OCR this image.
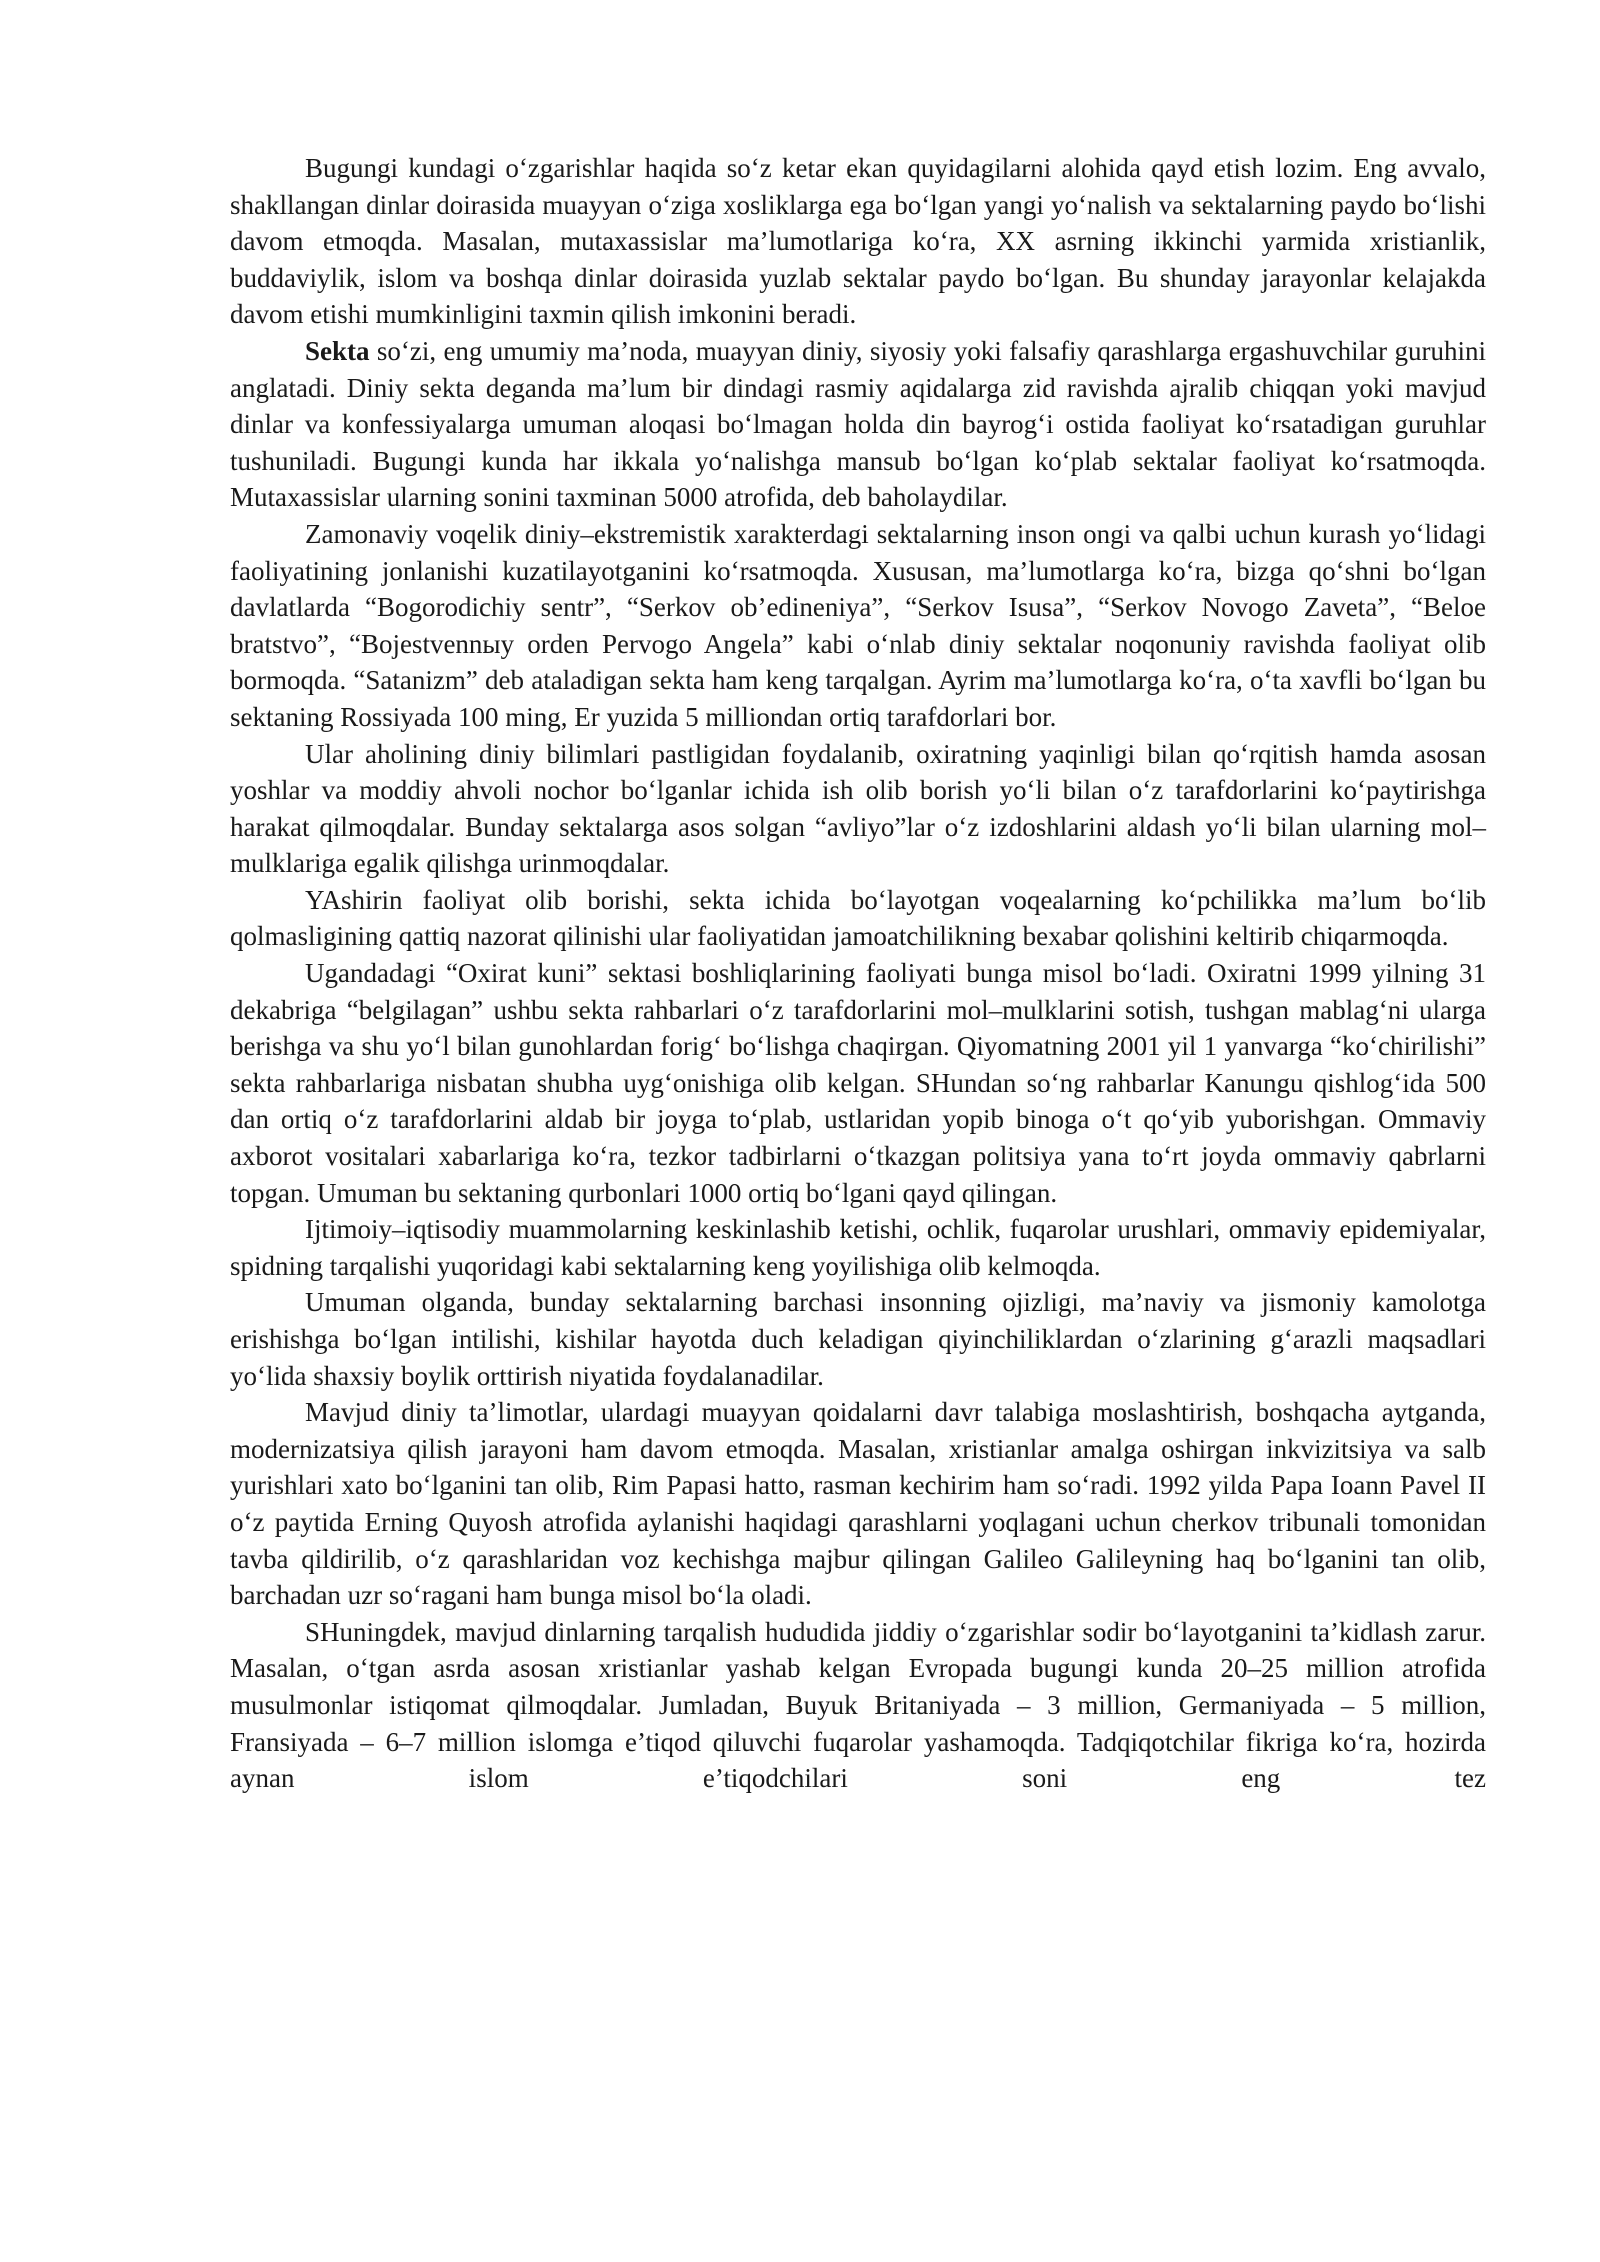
Bugungi kundagi o‘zgarishlar haqida so‘z ketar ekan quyidagilarni alohida qayd etish lozim. Eng avvalo, shakllangan dinlar doirasida muayyan o‘ziga xosliklarga ega bo‘lgan yangi yo‘nalish va sektalarning paydo bo‘lishi davom etmoqda. Masalan, mutaxassislar ma’lumotlariga ko‘ra, XX asrning ikkinchi yarmida xristianlik, buddaviylik, islom va boshqa dinlar doirasida yuzlab sektalar paydo bo‘lgan. Bu shunday jarayonlar kelajakda davom etishi mumkinligini taxmin qilish imkonini beradi.

Sekta so‘zi, eng umumiy ma’noda, muayyan diniy, siyosiy yoki falsafiy qarashlarga ergashuvchilar guruhini anglatadi. Diniy sekta deganda ma’lum bir dindagi rasmiy aqidalarga zid ravishda ajralib chiqqan yoki mavjud dinlar va konfessiyalarga umuman aloqasi bo‘lmagan holda din bayrog‘i ostida faoliyat ko‘rsatadigan guruhlar tushuniladi. Bugungi kunda har ikkala yo‘nalishga mansub bo‘lgan ko‘plab sektalar faoliyat ko‘rsatmoqda. Mutaxassislar ularning sonini taxminan 5000 atrofida, deb baholaydilar.

Zamonaviy voqelik diniy–ekstremistik xarakterdagi sektalarning inson ongi va qalbi uchun kurash yo‘lidagi faoliyatining jonlanishi kuzatilayotganini ko‘rsatmoqda. Xususan, ma’lumotlarga ko‘ra, bizga qo‘shni bo‘lgan davlatlarda “Bogorodichiy sentr”, “Serkov ob’edineniya”, “Serkov Isusa”, “Serkov Novogo Zaveta”, “Beloe bratstvo”, “Bojestvennыy orden Pervogo Angela” kabi o‘nlab diniy sektalar noqonuniy ravishda faoliyat olib bormoqda. “Satanizm” deb ataladigan sekta ham keng tarqalgan. Ayrim ma’lumotlarga ko‘ra, o‘ta xavfli bo‘lgan bu sektaning Rossiyada 100 ming, Er yuzida 5 milliondan ortiq tarafdorlari bor.

Ular aholining diniy bilimlari pastligidan foydalanib, oxiratning yaqinligi bilan qo‘rqitish hamda asosan yoshlar va moddiy ahvoli nochor bo‘lganlar ichida ish olib borish yo‘li bilan o‘z tarafdorlarini ko‘paytirishga harakat qilmoqdalar. Bunday sektalarga asos solgan “avliyo”lar o‘z izdoshlarini aldash yo‘li bilan ularning mol–mulklariga egalik qilishga urinmoqdalar.

YAshirin faoliyat olib borishi, sekta ichida bo‘layotgan voqealarning ko‘pchilikka ma’lum bo‘lib qolmasligining qattiq nazorat qilinishi ular faoliyatidan jamoatchilikning bexabar qolishini keltirib chiqarmoqda.

Ugandadagi “Oxirat kuni” sektasi boshliqlarining faoliyati bunga misol bo‘ladi. Oxiratni 1999 yilning 31 dekabriga “belgilagan” ushbu sekta rahbarlari o‘z tarafdorlarini mol–mulklarini sotish, tushgan mablag‘ni ularga berishga va shu yo‘l bilan gunohlardan forig‘ bo‘lishga chaqirgan. Qiyomatning 2001 yil 1 yanvarga “ko‘chirilishi” sekta rahbarlariga nisbatan shubha uyg‘onishiga olib kelgan. SHundan so‘ng rahbarlar Kanungu qishlog‘ida 500 dan ortiq o‘z tarafdorlarini aldab bir joyga to‘plab, ustlaridan yopib binoga o‘t qo‘yib yuborishgan. Ommaviy axborot vositalari xabarlariga ko‘ra, tezkor tadbirlarni o‘tkazgan politsiya yana to‘rt joyda ommaviy qabrlarni topgan. Umuman bu sektaning qurbonlari 1000 ortiq bo‘lgani qayd qilingan.

Ijtimoiy–iqtisodiy muammolarning keskinlashib ketishi, ochlik, fuqarolar urushlari, ommaviy epidemiyalar, spidning tarqalishi yuqoridagi kabi sektalarning keng yoyilishiga olib kelmoqda.

Umuman olganda, bunday sektalarning barchasi insonning ojizligi, ma’naviy va jismoniy kamolotga erishishga bo‘lgan intilishi, kishilar hayotda duch keladigan qiyinchiliklardan o‘zlarining g‘arazli maqsadlari yo‘lida shaxsiy boylik orttirish niyatida foydalanadilar.

Mavjud diniy ta’limotlar, ulardagi muayyan qoidalarni davr talabiga moslashtirish, boshqacha aytganda, modernizatsiya qilish jarayoni ham davom etmoqda. Masalan, xristianlar amalga oshirgan inkvizitsiya va salb yurishlari xato bo‘lganini tan olib, Rim Papasi hatto, rasman kechirim ham so‘radi. 1992 yilda Papa Ioann Pavel II o‘z paytida Erning Quyosh atrofida aylanishi haqidagi qarashlarni yoqlagani uchun cherkov tribunali tomonidan tavba qildirilib, o‘z qarashlaridan voz kechishga majbur qilingan Galileo Galileyning haq bo‘lganini tan olib, barchadan uzr so‘ragani ham bunga misol bo‘la oladi.

SHuningdek, mavjud dinlarning tarqalish hududida jiddiy o‘zgarishlar sodir bo‘layotganini ta’kidlash zarur. Masalan, o‘tgan asrda asosan xristianlar yashab kelgan Evropada bugungi kunda 20–25 million atrofida musulmonlar istiqomat qilmoqdalar. Jumladan, Buyuk Britaniyada – 3 million, Germaniyada – 5 million, Fransiyada – 6–7 million islomga e’tiqod qiluvchi fuqarolar yashamoqda. Tadqiqotchilar fikriga ko‘ra, hozirda aynan islom e’tiqodchilari soni eng tez
